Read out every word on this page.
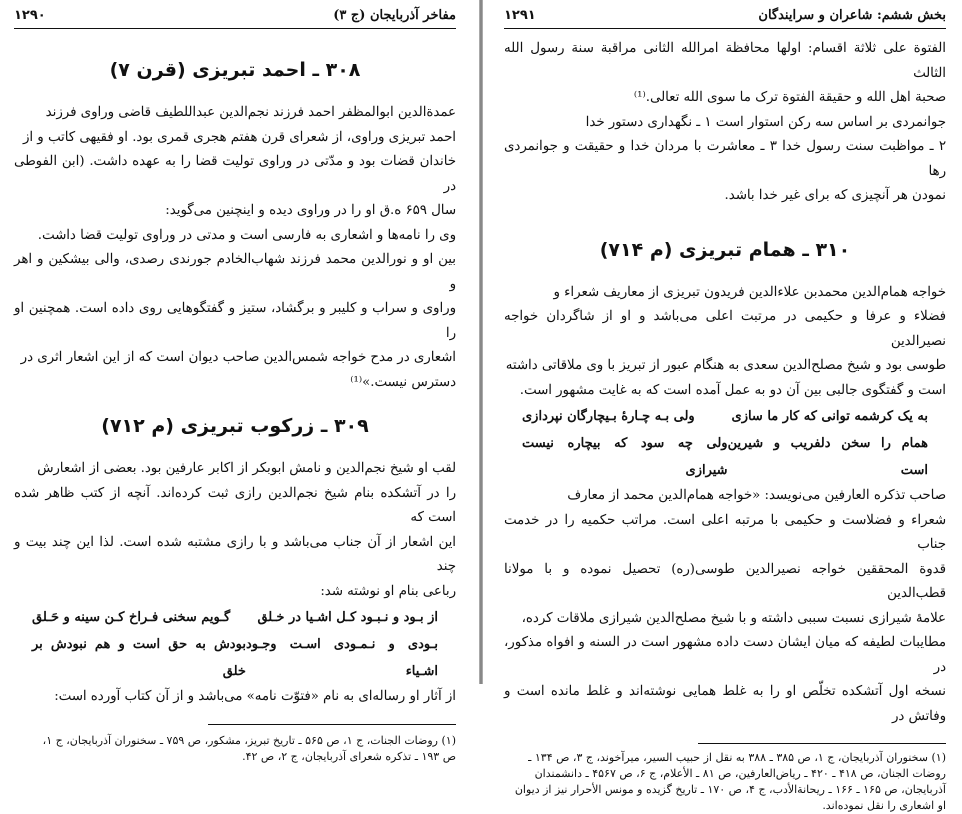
مفاخر آذربایجان (ج ۳)
۱۲۹۰
۳۰۸ ـ احمد تبریزی (قرن ۷)

عمدةالدین ابوالمظفر احمد فرزند نجم‌الدین عبداللطیف قاضی وراوی فرزند

احمد تبریزی وراوی، از شعرای قرن هفتم هجری قمری بود. او فقیهی کاتب و از

خاندان قضات بود و مدّتی در وراوی تولیت قضا را به عهده داشت. (ابن الفوطی در

سال ۶۵۹ ه.ق او را در وراوی دیده و اینچنین می‌گوید:

وی را نامه‌ها و اشعاری به فارسی است و مدتی در وراوی تولیت قضا داشت.

بین او و نورالدین محمد فرزند شهاب‌الخادم جورندی رصدی، والی بیشکین و اهر و

وراوی و سراب و کلیبر و برگشاد، ستیز و گفتگوهایی روی داده است. همچنین او را

اشعاری در مدح خواجه شمس‌الدین صاحب دیوان است که از این اشعار اثری در

دسترس نیست.»⁽¹⁾

۳۰۹ ـ زرکوب تبریزی (م ۷۱۲)

لقب او شیخ نجم‌الدین و نامش ابوبکر از اکابر عارفین بود. بعضی از اشعارش

را در آتشکده بنام شیخ نجم‌الدین رازی ثبت کرده‌اند. آنچه از کتب ظاهر شده است که

این اشعار از آن جناب می‌باشد و با رازی مشتبه شده است. لذا این چند بیت و چند

رباعی بنام او نوشته شد:

از بـود و نـبـود کـل اشـیا در خـلق
گـویم سخنی فـراخ کـن سینه و حَـلق
بـودی و نـمـودی اسـت وجـود اشـیاء
بودش به حق است و هم نبودش بر خلق

از آثار او رساله‌ای به نام «فتوّت نامه» می‌باشد و از آن کتاب آورده است:

(۱) روضات الجنات، ج ۱، ص ۵۶۵ ـ تاریخ تبریز، مشکور، ص ۷۵۹ ـ سخنوران آذربایجان، ج ۱،

ص ۱۹۳ ـ تذکره شعرای آذربایجان، ج ۲، ص ۴۲.

بخش ششم: شاعران و سرایندگان
۱۲۹۱

الفتوة علی ثلاثة اقسام: اولها محافظة امرالله الثانی مراقبة سنة رسول الله الثالث

صحبة اهل الله و حقیقة الفتوة ترک ما سوی الله تعالی.⁽¹⁾

جوانمردی بر اساس سه رکن استوار است ۱ ـ نگهداری دستور خدا

۲ ـ مواظبت سنت رسول خدا ۳ ـ معاشرت با مردان خدا و حقیقت و جوانمردی رها

نمودن هر آنچیزی که برای غیر خدا باشد.

۳۱۰ ـ همام تبریزی (م ۷۱۴)

خواجه همام‌الدین محمدبن علاء‌الدین فریدون تبریزی از معاریف شعراء و

فضلاء و عرفا و حکیمی در مرتبت اعلی می‌باشد و او از شاگردان خواجه نصیرالدین

طوسی بود و شیخ مصلح‌الدین سعدی به هنگام عبور از تبریز با وی ملاقاتی داشته

است و گفتگوی جالبی بین آن دو به عمل آمده است که به غایت مشهور است.

به یک کرشمه توانی که کار ما سازی
ولی بـه چـارهٔ بـیچارگان نپردازی
همام را سخن دلفریب و شیرین است
ولی چه سود که بیچاره نیست شیرازی

صاحب تذکره العارفین می‌نویسد: «خواجه همام‌الدین محمد از معارف

شعراء و فضلاست و حکیمی با مرتبه اعلی است. مراتب حکمیه را در خدمت جناب

قدوة المحققین خواجه نصیرالدین طوسی(ره) تحصیل نموده و با مولانا قطب‌الدین

علامهٔ شیرازی نسبت سببی داشته و با شیخ مصلح‌الدین شیرازی ملاقات کرده،

مطایبات لطیفه که میان ایشان دست داده مشهور است در السنه و افواه مذکور، در

نسخه اول آتشکده تخلّص او را به غلط همایی نوشته‌اند و غلط مانده است و وفاتش در

(۱) سخنوران آذربایجان، ج ۱، ص ۳۸۵ ـ ۳۸۸ به نقل از حبیب السیر، میرآخوند، ج ۳، ص ۱۳۴ ـ

روضات الجنان، ص ۴۱۸ ـ ۴۲۰ ـ ریاض‌العارفین، ص ۸۱ ـ الأعلام، ج ۶، ص ۴۵۶۷ ـ دانشمندان

آذربایجان، ص ۱۶۵ ـ ۱۶۶ ـ ریحانة‌الأدب، ج ۴، ص ۱۷۰ ـ تاریخ گزیده و مونس الأحرار نیز از دیوان

او اشعاری را نقل نموده‌اند.
